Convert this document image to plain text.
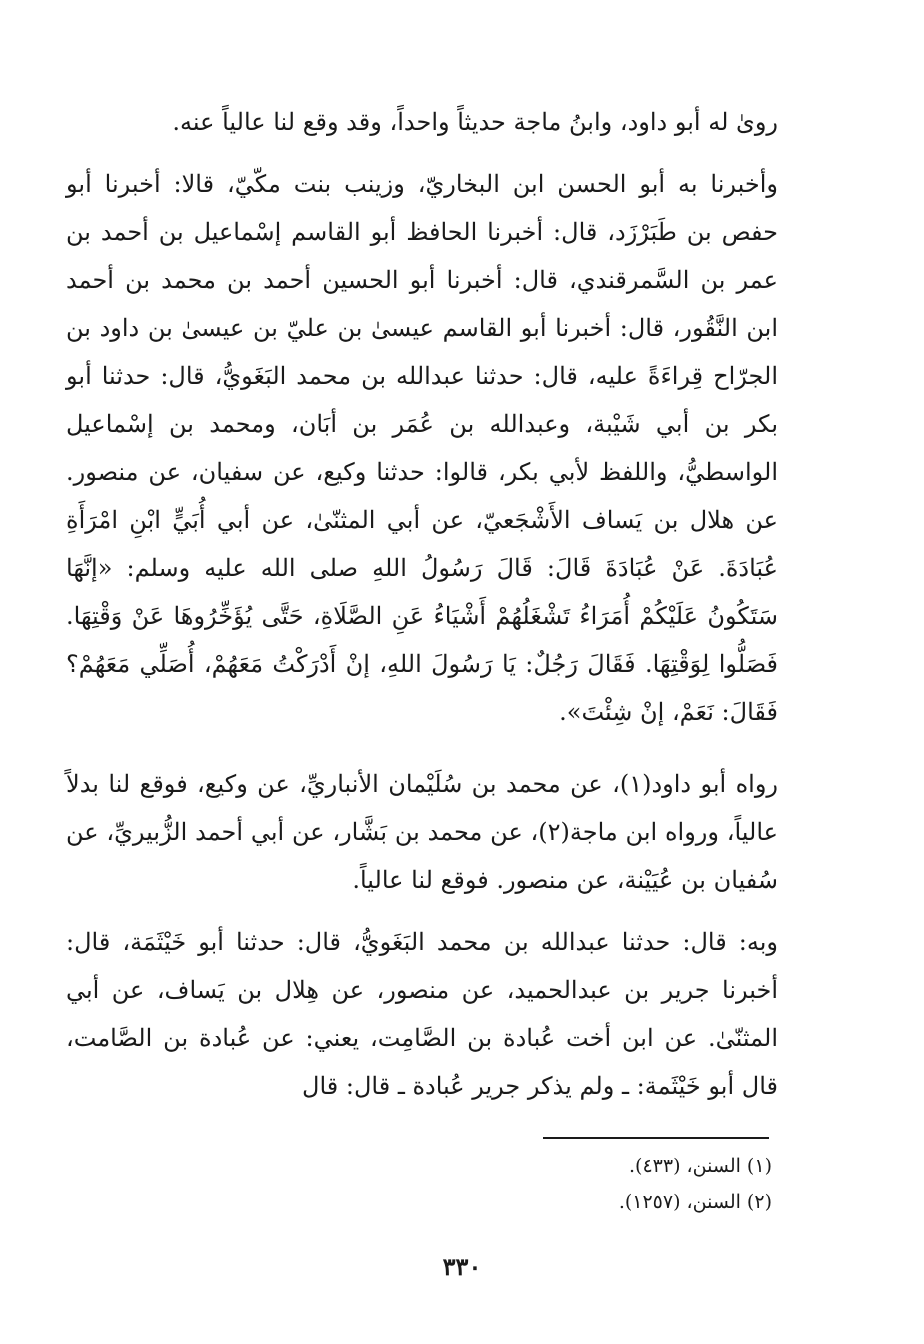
رویٰ له أبو داود، وابنُ ماجة حديثاً واحداً، وقد وقع لنا عالياً عنه.

وأخبرنا به أبو الحسن ابن البخاريّ، وزينب بنت مكّيّ، قالا: أخبرنا أبو حفص بن طَبَرْزَد، قال: أخبرنا الحافظ أبو القاسم إسْماعيل بن أحمد بن عمر بن السَّمرقندي، قال: أخبرنا أبو الحسين أحمد بن محمد بن أحمد ابن النَّقُور، قال: أخبرنا أبو القاسم عيسىٰ بن عليّ بن عيسىٰ بن داود بن الجرّاح قِراءَةً عليه، قال: حدثنا عبدالله بن محمد البَغَويُّ، قال: حدثنا أبو بكر بن أبي شَيْبة، وعبدالله بن عُمَر بن أبَان، ومحمد بن إسْماعيل الواسطيُّ، واللفظ لأبي بكر، قالوا: حدثنا وكيع، عن سفيان، عن منصور. عن هلال بن يَساف الأَشْجَعيّ، عن أبي المثنّىٰ، عن أبي أُبَيٍّ ابْنِ امْرَأَةِ عُبَادَةَ. عَنْ عُبَادَةَ قَالَ: قَالَ رَسُولُ اللهِ صلى الله عليه وسلم: «إنَّهَا سَتَكُونُ عَلَيْكُمْ أُمَرَاءُ تَشْغَلُهُمْ أَشْيَاءُ عَنِ الصَّلَاةِ، حَتَّى يُؤَخِّرُوهَا عَنْ وَقْتِهَا. فَصَلُّوا لِوَقْتِهَا. فَقَالَ رَجُلٌ: يَا رَسُولَ اللهِ، إنْ أَدْرَكْتُ مَعَهُمْ، أُصَلِّي مَعَهُمْ؟ فَقَالَ: نَعَمْ، إنْ شِئْتَ».

رواه أبو داود(١)، عن محمد بن سُلَيْمان الأنباريِّ، عن وكيع، فوقع لنا بدلاً عالياً، ورواه ابن ماجة(٢)، عن محمد بن بَشَّار، عن أبي أحمد الزُّبيريِّ، عن سُفيان بن عُيَيْنة، عن منصور. فوقع لنا عالياً.

وبه: قال: حدثنا عبدالله بن محمد البَغَويُّ، قال: حدثنا أبو خَيْثَمَة، قال: أخبرنا جرير بن عبدالحميد، عن منصور، عن هِلال بن يَساف، عن أبي المثنّىٰ. عن ابن أخت عُبادة بن الصَّامِت، يعني: عن عُبادة بن الصَّامت، قال أبو خَيْثَمة: ـ ولم يذكر جرير عُبادة ـ قال: قال

(١) السنن، (٤٣٣).

(٢) السنن، (١٢٥٧).

٣٣٠
